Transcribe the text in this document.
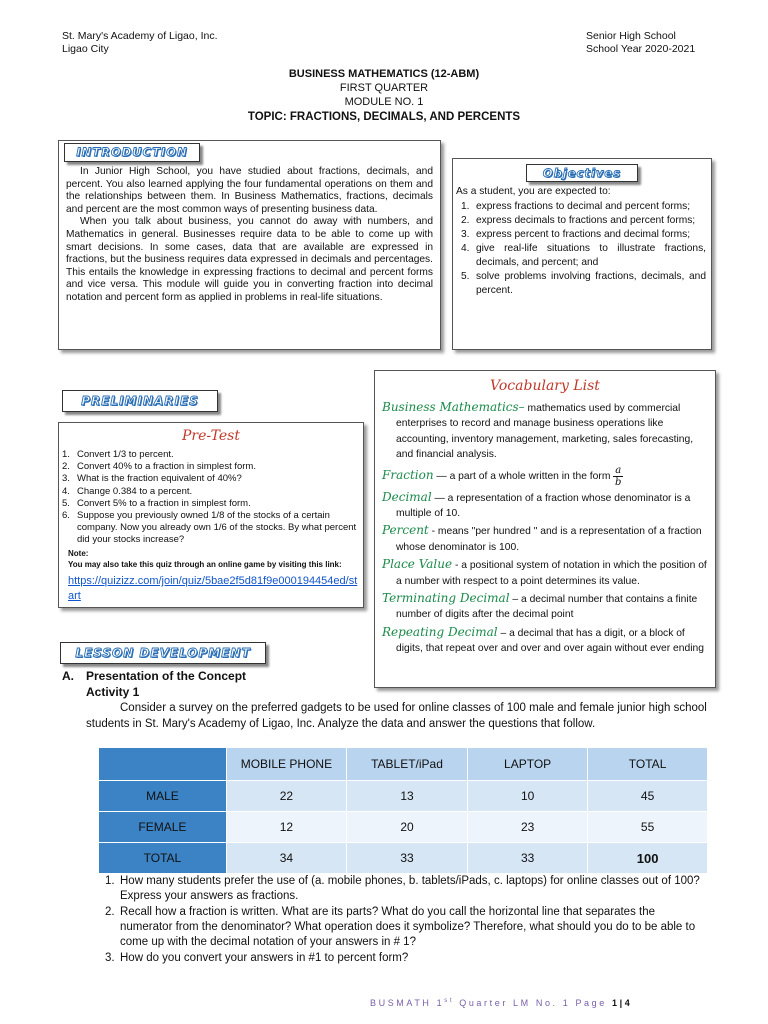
St. Mary's Academy of Ligao, Inc.
Ligao City
Senior High School
School Year 2020-2021
BUSINESS MATHEMATICS (12-ABM)
FIRST QUARTER
MODULE NO. 1
TOPIC: FRACTIONS, DECIMALS, AND PERCENTS
INTRODUCTION
In Junior High School, you have studied about fractions, decimals, and percent. You also learned applying the four fundamental operations on them and the relationships between them. In Business Mathematics, fractions, decimals and percent are the most common ways of presenting business data.
When you talk about business, you cannot do away with numbers, and Mathematics in general. Businesses require data to be able to come up with smart decisions. In some cases, data that are available are expressed in fractions, but the business requires data expressed in decimals and percentages. This entails the knowledge in expressing fractions to decimal and percent forms and vice versa. This module will guide you in converting fraction into decimal notation and percent form as applied in problems in real-life situations.
Objectives
As a student, you are expected to:
1. express fractions to decimal and percent forms;
2. express decimals to fractions and percent forms;
3. express percent to fractions and decimal forms;
4. give real-life situations to illustrate fractions, decimals, and percent; and
5. solve problems involving fractions, decimals, and percent.
PRELIMINARIES
Pre-Test
1. Convert 1/3 to percent.
2. Convert 40% to a fraction in simplest form.
3. What is the fraction equivalent of 40%?
4. Change 0.384 to a percent.
5. Convert 5% to a fraction in simplest form.
6. Suppose you previously owned 1/8 of the stocks of a certain company. Now you already own 1/6 of the stocks. By what percent did your stocks increase?
Note:
You may also take this quiz through an online game by visiting this link:
https://quizizz.com/join/quiz/5bae2f5d81f9e000194454ed/start
Vocabulary List
Business Mathematics– mathematics used by commercial enterprises to record and manage business operations like accounting, inventory management, marketing, sales forecasting, and financial analysis.
Fraction — a part of a whole written in the form $\frac{a}{b}$
Decimal — a representation of a fraction whose denominator is a multiple of 10.
Percent - means "per hundred " and is a representation of a fraction whose denominator is 100.
Place Value - a positional system of notation in which the position of a number with respect to a point determines its value.
Terminating Decimal – a decimal number that contains a finite number of digits after the decimal point
Repeating Decimal – a decimal that has a digit, or a block of digits, that repeat over and over and over again without ever ending
LESSON DEVELOPMENT
A. Presentation of the Concept
Activity 1
Consider a survey on the preferred gadgets to be used for online classes of 100 male and female junior high school students in St. Mary's Academy of Ligao, Inc. Analyze the data and answer the questions that follow.
	MOBILE PHONE	TABLET/iPad	LAPTOP	TOTAL
MALE	22	13	10	45
FEMALE	12	20	23	55
TOTAL	34	33	33	100
1. How many students prefer the use of (a. mobile phones, b. tablets/iPads, c. laptops) for online classes out of 100? Express your answers as fractions.
2. Recall how a fraction is written. What are its parts? What do you call the horizontal line that separates the numerator from the denominator? What operation does it symbolize? Therefore, what should you do to be able to come up with the decimal notation of your answers in # 1?
3. How do you convert your answers in #1 to percent form?
BUSMATH 1st Quarter LM No. 1 Page 1|4
